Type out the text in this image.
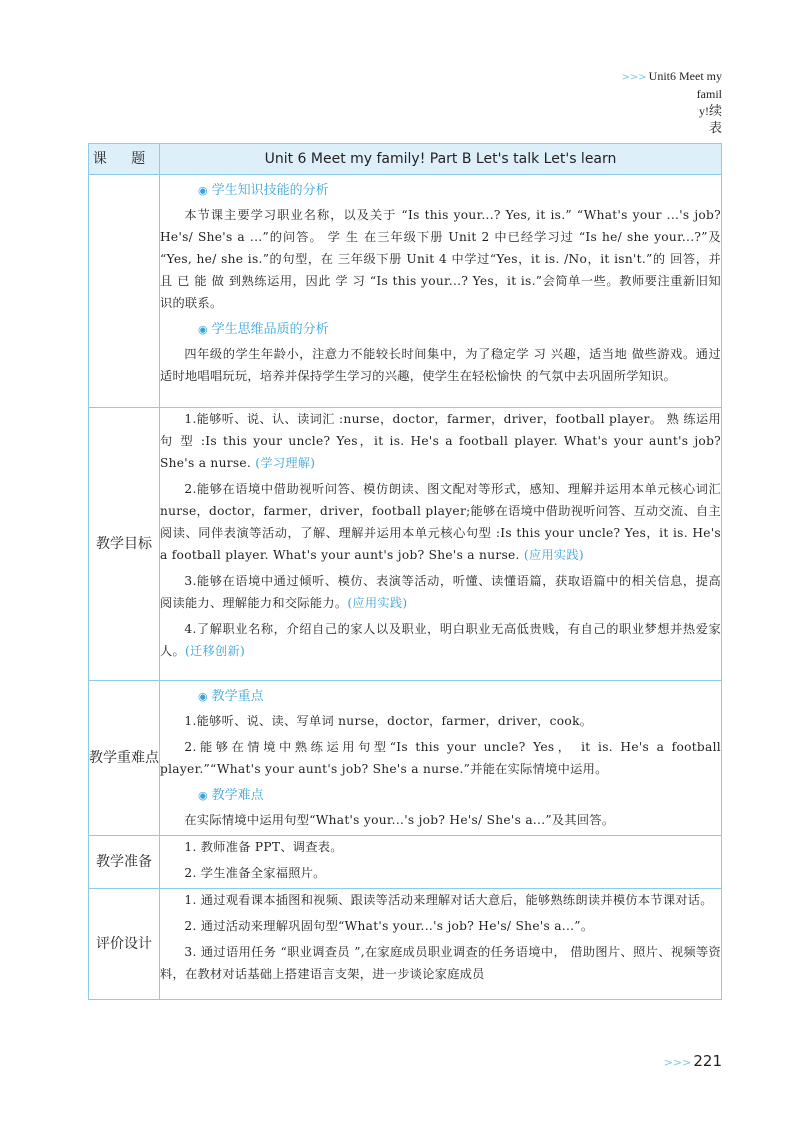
>>> Unit6 Meet my
famil
y!续
表
课 题	Unit 6 Meet my family! Part B Let's talk Let's learn

	◉ 学生知识技能的分析

本节课主要学习职业名称，以及关于 “Is this your...? Yes, it is.” “What's your ...'s job? He's/ She's a ...”的问答。 学 生 在三年级下册 Unit 2 中已经学习过 “Is he/ she your...?”及 “Yes, he/ she is.”的句型，在 三年级下册 Unit 4 中学过“Yes，it is. /No，it isn't.”的 回答，并 且 已 能 做 到熟练运用，因此 学 习 “Is this your...? Yes，it is.”会简单一些。教师要注重新旧知识的联系。

◉ 学生思维品质的分析

四年级的学生年龄小，注意力不能较长时间集中，为了稳定学 习 兴趣，适当地 做些游戏。通过适时地唱唱玩玩，培养并保持学生学习的兴趣，使学生在轻松愉快 的气氛中去巩固所学知识。

教学目标	1.能够听、说、认、读词汇 :nurse，doctor，farmer，driver，football player。 熟 练运用句 型 :Is this your uncle? Yes，it is. He's a football player. What's your aunt's job? She's a nurse. (学习理解)

2.能够在语境中借助视听问答、模仿朗读、图文配对等形式，感知、理解并运用本单元核心词汇 nurse，doctor，farmer，driver，football player;能够在语境中借助视听问答、互动交流、自主阅读、同伴表演等活动，了解、理解并运用本单元核心句型 :Is this your uncle? Yes，it is. He's a football player. What's your aunt's job? She's a nurse. (应用实践)

3.能够在语境中通过倾听、模仿、表演等活动，听懂、读懂语篇，获取语篇中的相关信息，提高阅读能力、理解能力和交际能力。(应用实践)

4.了解职业名称，介绍自己的家人以及职业，明白职业无高低贵贱，有自己的职业梦想并热爱家人。(迁移创新)

教学重难点	◉ 教学重点

1.能够听、说、读、写单词 nurse，doctor，farmer，driver，cook。

2.能够在情境中熟练运用句型“Is this your uncle? Yes， it is. He's a football player.”“What's your aunt's job? She's a nurse.”并能在实际情境中运用。

◉ 教学难点

在实际情境中运用句型“What's your...'s job? He's/ She's a...”及其回答。

教学准备	1. 教师准备 PPT、调查表。

2. 学生准备全家福照片。

评价设计	1. 通过观看课本插图和视频、跟读等活动来理解对话大意后，能够熟练朗读并模仿本节课对话。

2. 通过活动来理解巩固句型“What's your...'s job? He's/ She's a...”。

3. 通过语用任务 “职业调查员 ”,在家庭成员职业调查的任务语境中， 借助图片、照片、视频等资料，在教材对话基础上搭建语言支架，进一步谈论家庭成员

>>> 221
